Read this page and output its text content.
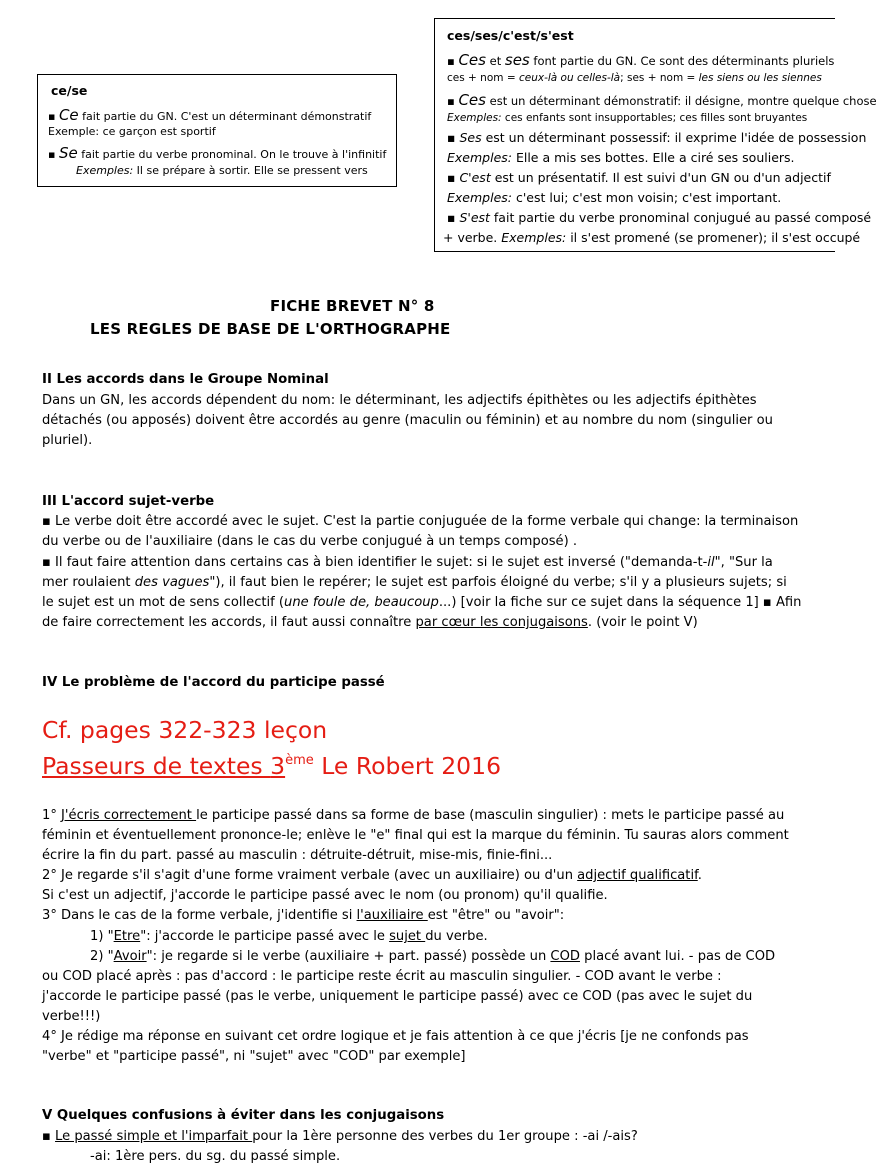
ce/se
▪ Ce fait partie du GN. C'est un déterminant démonstratif
Exemple: ce garçon est sportif
▪ Se fait partie du verbe pronominal. On le trouve à l'infinitif
Exemples: Il se prépare à sortir. Elle se pressent vers
ces/ses/c'est/s'est
▪ Ces et ses font partie du GN. Ce sont des déterminants pluriels
ces + nom = ceux-là ou celles-là; ses + nom = les siens ou les siennes
▪ Ces est un déterminant démonstratif: il désigne, montre quelque chose
Exemples: ces enfants sont insupportables; ces filles sont bruyantes
▪ Ses est un déterminant possessif: il exprime l'idée de possession
Exemples: Elle a mis ses bottes. Elle a ciré ses souliers.
▪ C'est est un présentatif. Il est suivi d'un GN ou d'un adjectif
Exemples: c'est lui; c'est mon voisin; c'est important.
▪ S'est fait partie du verbe pronominal conjugué au passé composé
+ verbe. Exemples: il s'est promené (se promener); il s'est occupé
FICHE BREVET N° 8
LES REGLES DE BASE DE L'ORTHOGRAPHE
II Les accords dans le Groupe Nominal
Dans un GN, les accords dépendent du nom: le déterminant, les adjectifs épithètes ou les adjectifs épithètes
détachés (ou apposés) doivent être accordés au genre (maculin ou féminin) et au nombre du nom (singulier ou
pluriel).
III L'accord sujet-verbe
▪ Le verbe doit être accordé avec le sujet. C'est la partie conjuguée de la forme verbale qui change: la terminaison
du verbe ou de l'auxiliaire (dans le cas du verbe conjugué à un temps composé) .
▪ Il faut faire attention dans certains cas à bien identifier le sujet: si le sujet est inversé ("demanda-t-il", "Sur la
mer roulaient des vagues"), il faut bien le repérer; le sujet est parfois éloigné du verbe; s'il y a plusieurs sujets; si
le sujet est un mot de sens collectif (une foule de, beaucoup...) [voir la fiche sur ce sujet dans la séquence 1] ▪ Afin
de faire correctement les accords, il faut aussi connaître par cœur les conjugaisons. (voir le point V)
IV Le problème de l'accord du participe passé
Cf. pages 322-323 leçon
Passeurs de textes 3ème Le Robert 2016
1° J'écris correctement le participe passé dans sa forme de base (masculin singulier) : mets le participe passé au
féminin et éventuellement prononce-le; enlève le "e" final qui est la marque du féminin. Tu sauras alors comment
écrire la fin du part. passé au masculin : détruite-détruit, mise-mis, finie-fini...
2° Je regarde s'il s'agit d'une forme vraiment verbale (avec un auxiliaire) ou d'un adjectif qualificatif.
Si c'est un adjectif, j'accorde le participe passé avec le nom (ou pronom) qu'il qualifie.
3° Dans le cas de la forme verbale, j'identifie si l'auxiliaire est "être" ou "avoir":
1) "Etre": j'accorde le participe passé avec le sujet du verbe.
2) "Avoir": je regarde si le verbe (auxiliaire + part. passé) possède un COD placé avant lui. - pas de COD
ou COD placé après : pas d'accord : le participe reste écrit au masculin singulier. - COD avant le verbe :
j'accorde le participe passé (pas le verbe, uniquement le participe passé) avec ce COD (pas avec le sujet du
verbe!!!)
4° Je rédige ma réponse en suivant cet ordre logique et je fais attention à ce que j'écris [je ne confonds pas
"verbe" et "participe passé", ni "sujet" avec "COD" par exemple]
V Quelques confusions à éviter dans les conjugaisons
▪ Le passé simple et l'imparfait pour la 1ère personne des verbes du 1er groupe : -ai /-ais?
-ai: 1ère pers. du sg. du passé simple.
